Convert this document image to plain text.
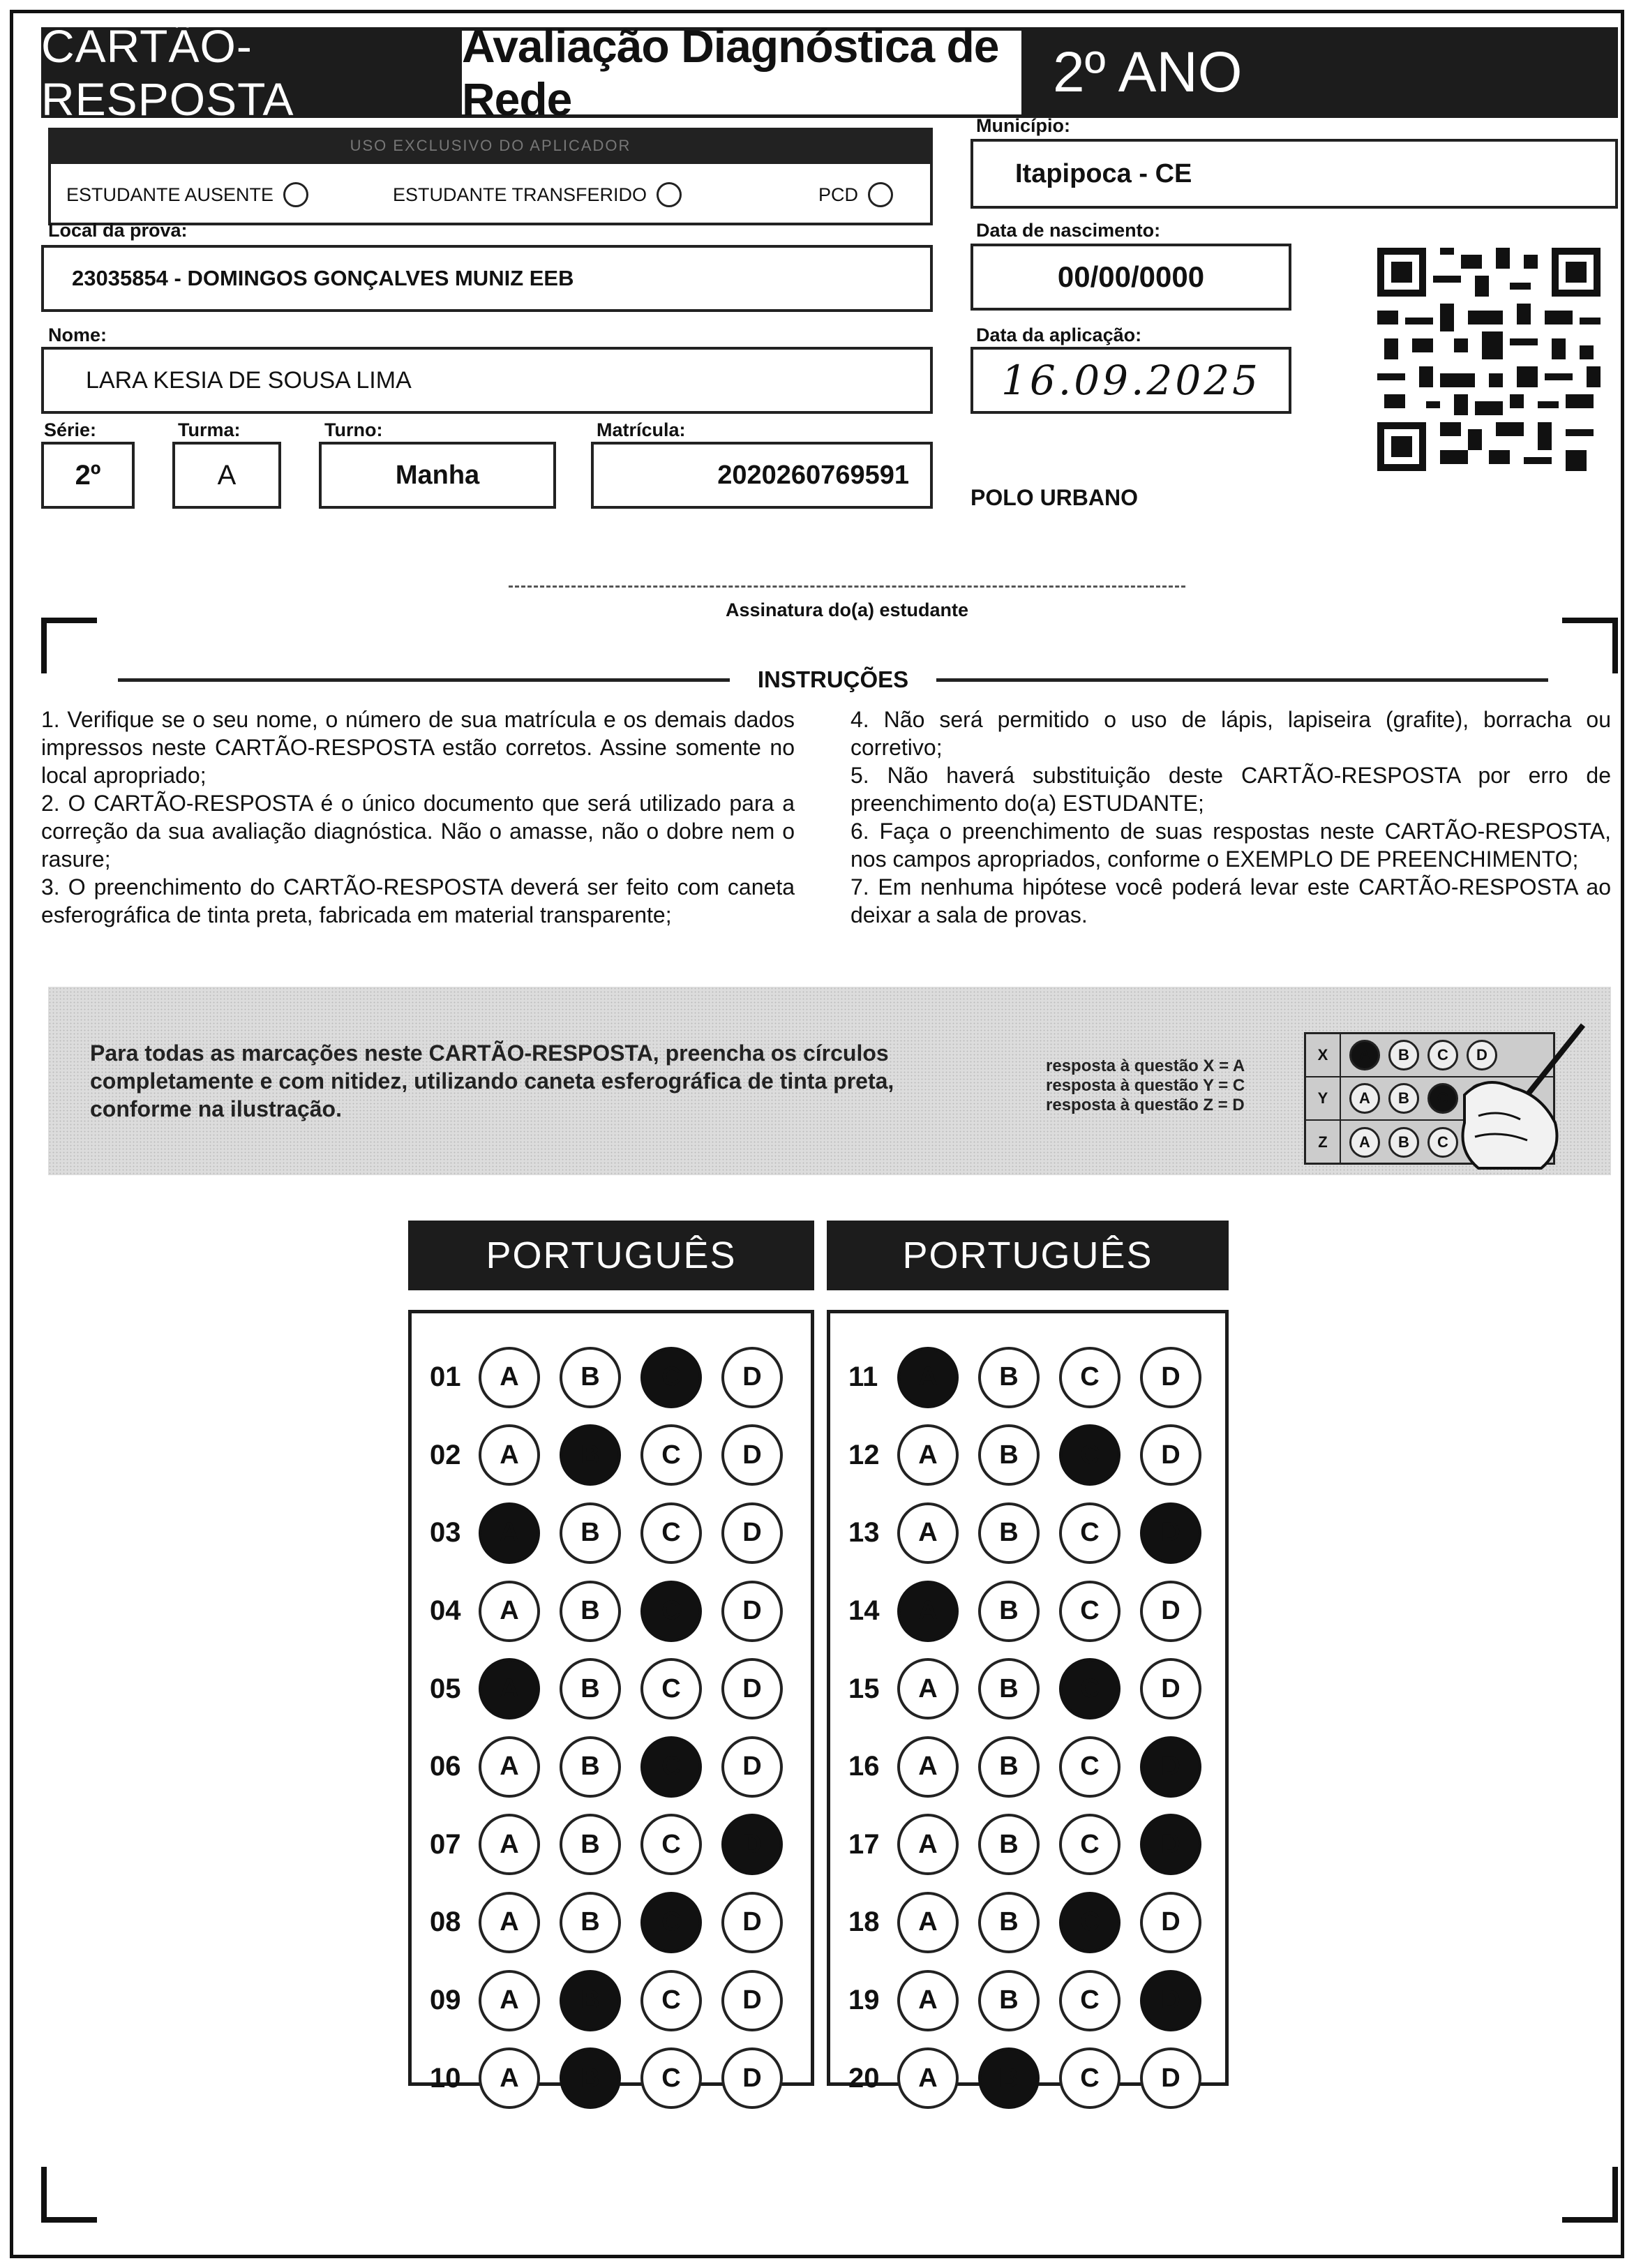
CARTÃO-RESPOSTA
Avaliação Diagnóstica de Rede	2º ANO
USO EXCLUSIVO DO APLICADOR
ESTUDANTE AUSENTE	ESTUDANTE TRANSFERIDO	PCD
Município:
Itapipoca - CE
Local da prova:
23035854 - DOMINGOS GONÇALVES MUNIZ EEB
Data de nascimento:
00/00/0000
Nome:
LARA KESIA DE SOUSA LIMA
Data da aplicação:
16.09.2025
Série:
2º
Turma:
A
Turno:
Manha
Matrícula:
2020260769591
POLO URBANO
Assinatura do(a) estudante
INSTRUÇÕES

1. Verifique se o seu nome, o número de sua matrícula e os demais dados impressos neste CARTÃO-RESPOSTA estão corretos. Assine somente no local apropriado;

2. O CARTÃO-RESPOSTA é o único documento que será utilizado para a correção da sua avaliação diagnóstica. Não o amasse, não o dobre nem o rasure;

3. O preenchimento do CARTÃO-RESPOSTA deverá ser feito com caneta esferográfica de tinta preta, fabricada em material transparente;

4. Não será permitido o uso de lápis, lapiseira (grafite), borracha ou corretivo;

5. Não haverá substituição deste CARTÃO-RESPOSTA por erro de preenchimento do(a) ESTUDANTE;

6. Faça o preenchimento de suas respostas neste CARTÃO-RESPOSTA, nos campos apropriados, conforme o EXEMPLO DE PREENCHIMENTO;

7. Em nenhuma hipótese você poderá levar este CARTÃO-RESPOSTA ao deixar a sala de provas.

Para todas as marcações neste CARTÃO-RESPOSTA, preencha os círculos completamente e com nitidez, utilizando caneta esferográfica de tinta preta, conforme na ilustração.
resposta à questão X = A
resposta à questão Y = C
resposta à questão Z = D
X	A	B	C	D
Y	A	B	C
Z	A	B	C
PORTUGUÊS	PORTUGUÊS
01	A	B	C	D
02	A	B	C	D
03	A	B	C	D
04	A	B	C	D
05	A	B	C	D
06	A	B	C	D
07	A	B	C	D
08	A	B	C	D
09	A	B	C	D
10	A	B	C	D
11	A	B	C	D
12	A	B	C	D
13	A	B	C	D
14	A	B	C	D
15	A	B	C	D
16	A	B	C	D
17	A	B	C	D
18	A	B	C	D
19	A	B	C	D
20	A	B	C	D
